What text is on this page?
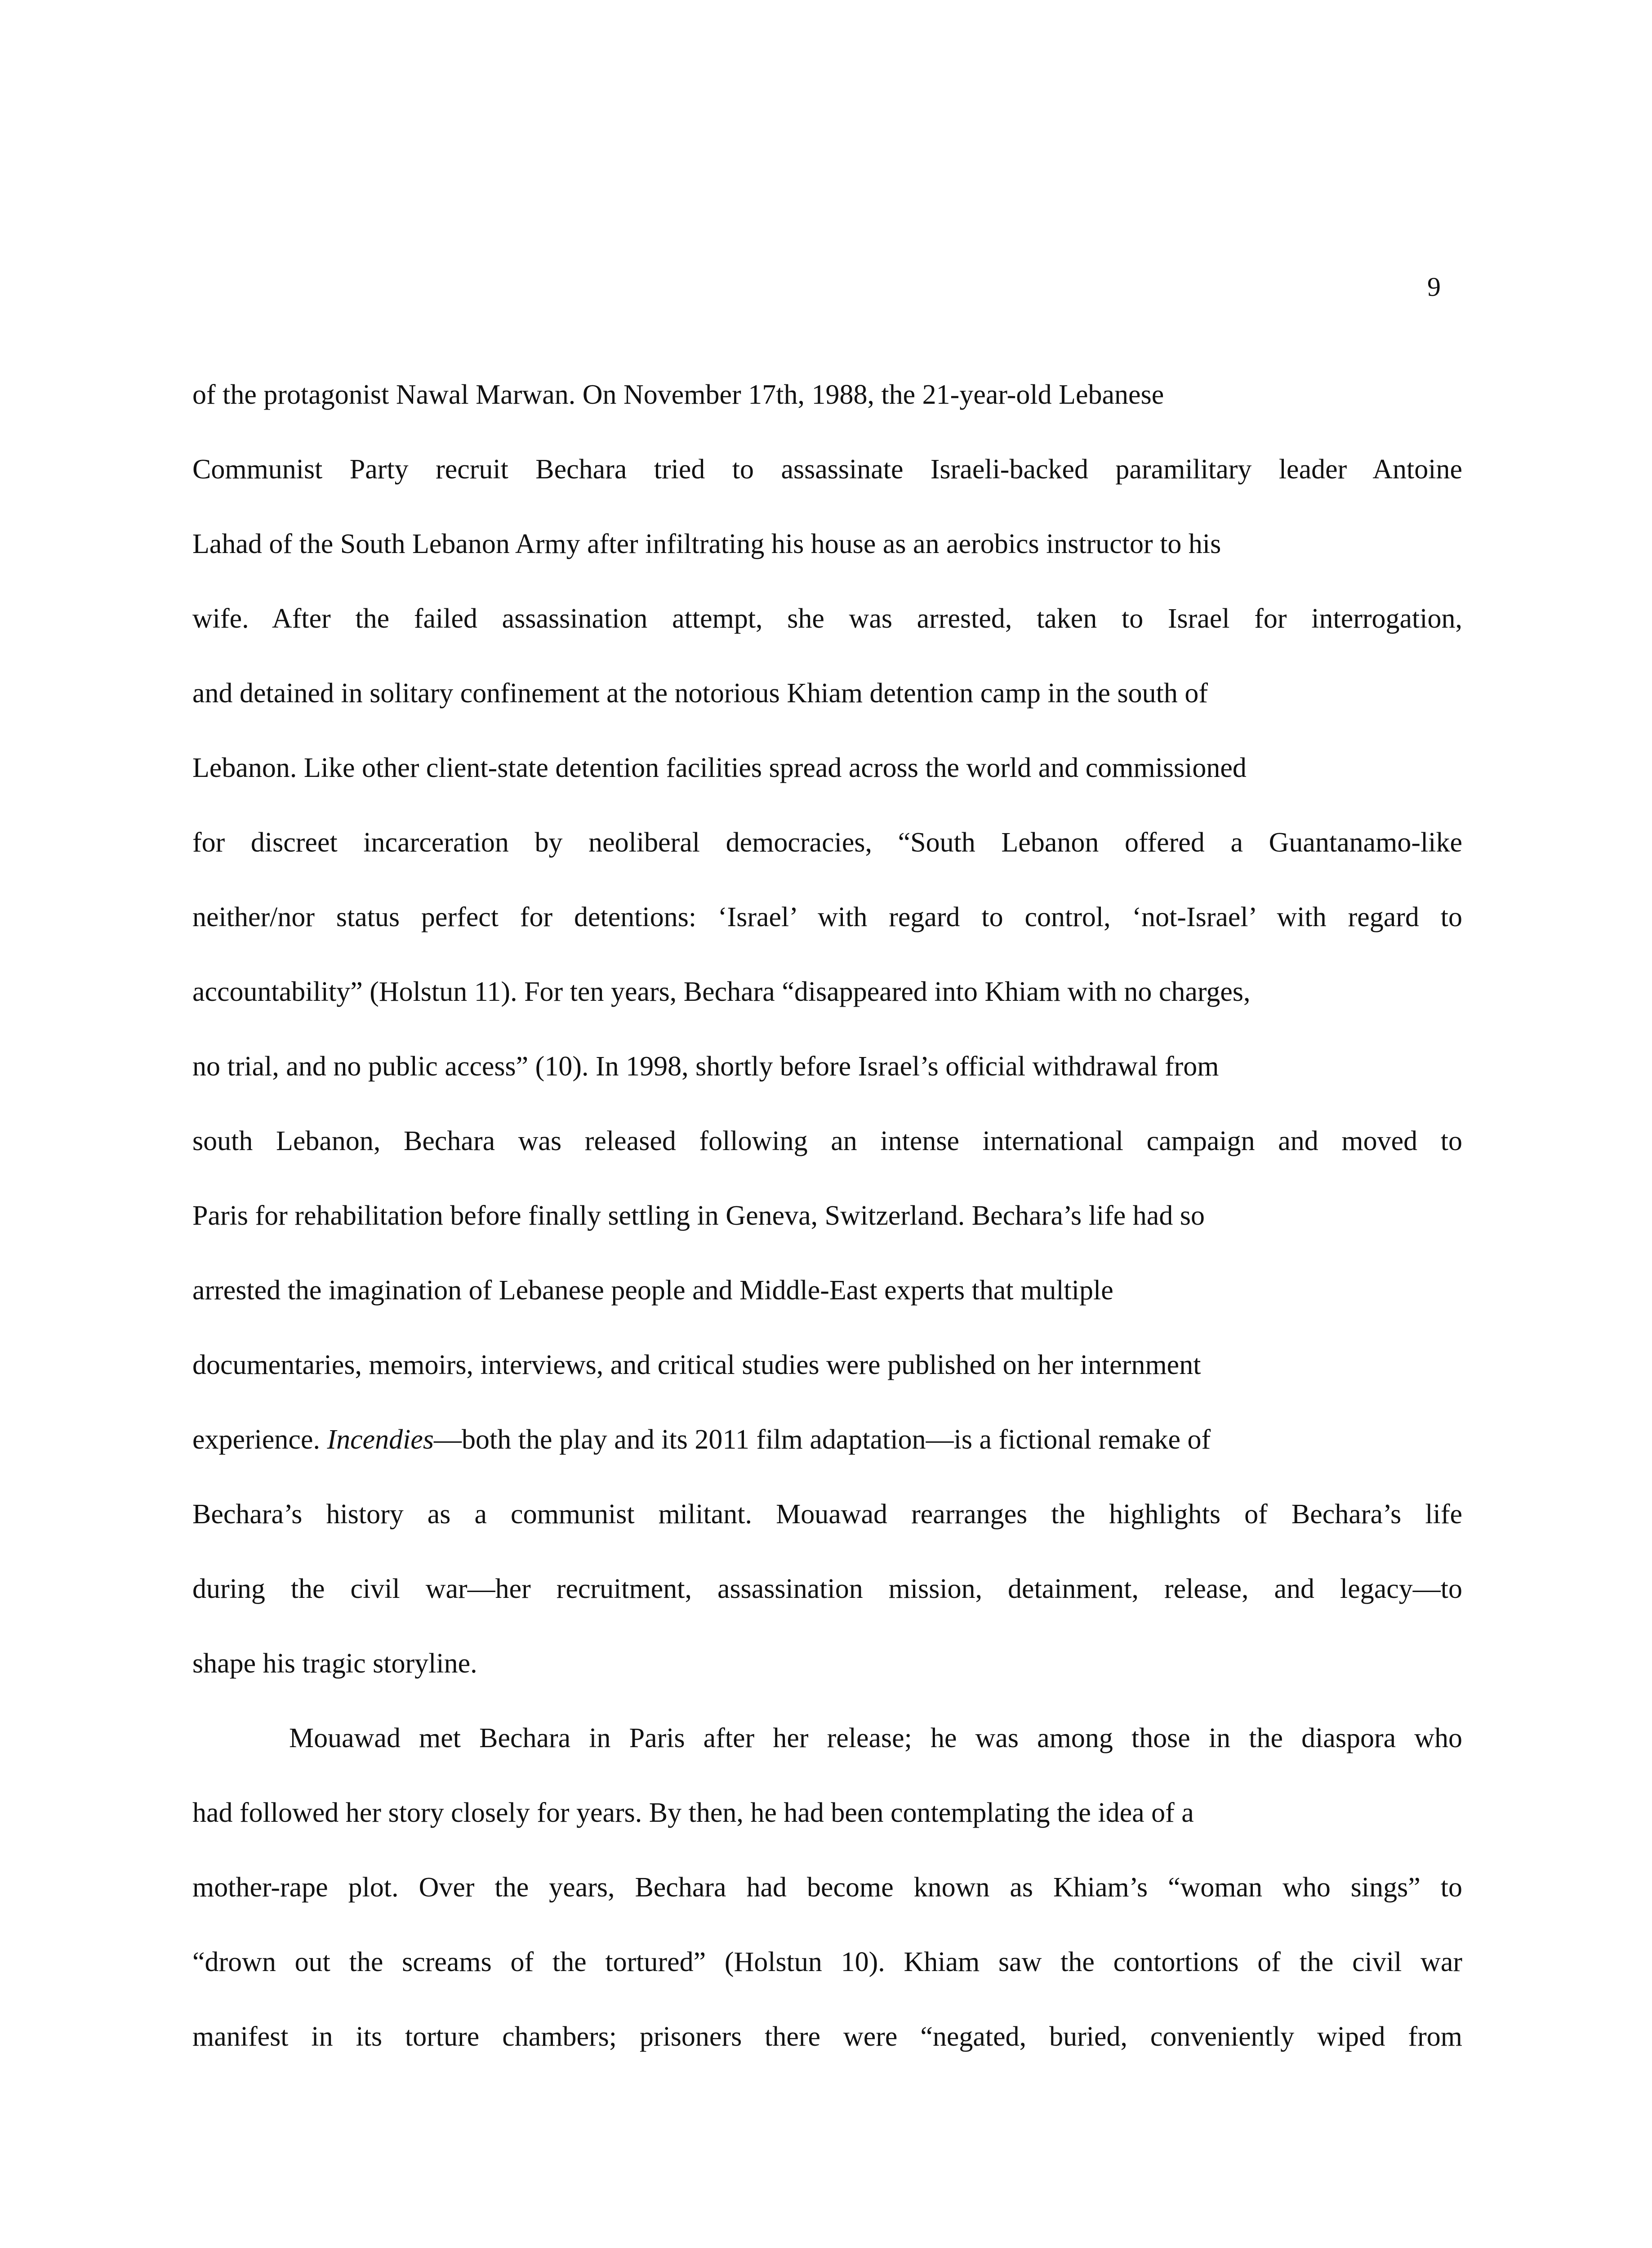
9
of the protagonist Nawal Marwan. On November 17th, 1988, the 21-year-old Lebanese
Communist Party recruit Bechara tried to assassinate Israeli-backed paramilitary leader Antoine
Lahad of the South Lebanon Army after infiltrating his house as an aerobics instructor to his
wife. After the failed assassination attempt, she was arrested, taken to Israel for interrogation,
and detained in solitary confinement at the notorious Khiam detention camp in the south of
Lebanon. Like other client-state detention facilities spread across the world and commissioned
for discreet incarceration by neoliberal democracies, “South Lebanon offered a Guantanamo-like
neither/nor status perfect for detentions: ‘Israel’ with regard to control, ‘not-Israel’ with regard to
accountability” (Holstun 11). For ten years, Bechara “disappeared into Khiam with no charges,
no trial, and no public access” (10). In 1998, shortly before Israel’s official withdrawal from
south Lebanon, Bechara was released following an intense international campaign and moved to
Paris for rehabilitation before finally settling in Geneva, Switzerland. Bechara’s life had so
arrested the imagination of Lebanese people and Middle-East experts that multiple
documentaries, memoirs, interviews, and critical studies were published on her internment
experience. Incendies—both the play and its 2011 film adaptation—is a fictional remake of
Bechara’s history as a communist militant. Mouawad rearranges the highlights of Bechara’s life
during the civil war—her recruitment, assassination mission, detainment, release, and legacy—to
shape his tragic storyline.
Mouawad met Bechara in Paris after her release; he was among those in the diaspora who
had followed her story closely for years. By then, he had been contemplating the idea of a
mother-rape plot. Over the years, Bechara had become known as Khiam’s “woman who sings” to
“drown out the screams of the tortured” (Holstun 10). Khiam saw the contortions of the civil war
manifest in its torture chambers; prisoners there were “negated, buried, conveniently wiped from
